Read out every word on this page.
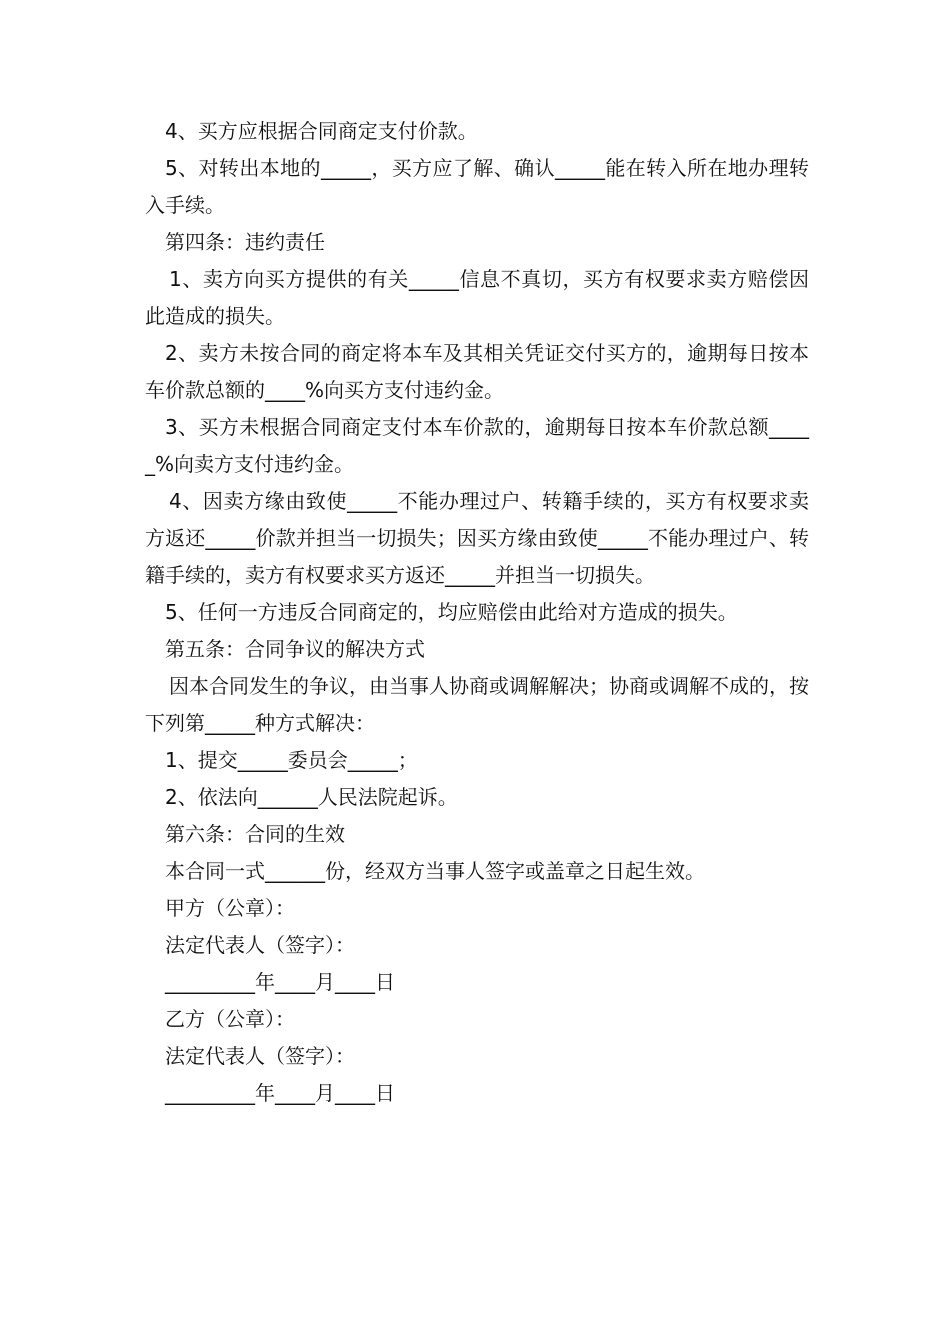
4、买方应根据合同商定支付价款。

5、对转出本地的_____，买方应了解、确认_____能在转入所在地办理转入手续。

第四条：违约责任

1、卖方向买方提供的有关_____信息不真切，买方有权要求卖方赔偿因此造成的损失。

2、卖方未按合同的商定将本车及其相关凭证交付买方的，逾期每日按本车价款总额的____%向买方支付违约金。

3、买方未根据合同商定支付本车价款的，逾期每日按本车价款总额_____%向卖方支付违约金。

4、因卖方缘由致使_____不能办理过户、转籍手续的，买方有权要求卖方返还_____价款并担当一切损失；因买方缘由致使_____不能办理过户、转籍手续的，卖方有权要求买方返还_____并担当一切损失。

5、任何一方违反合同商定的，均应赔偿由此给对方造成的损失。

第五条：合同争议的解决方式

因本合同发生的争议，由当事人协商或调解解决；协商或调解不成的，按下列第_____种方式解决：

1、提交_____委员会_____；

2、依法向______人民法院起诉。

第六条：合同的生效

本合同一式______份，经双方当事人签字或盖章之日起生效。

甲方（公章）：

法定代表人（签字）：

_________年____月____日

乙方（公章）：

法定代表人（签字）：

_________年____月____日
